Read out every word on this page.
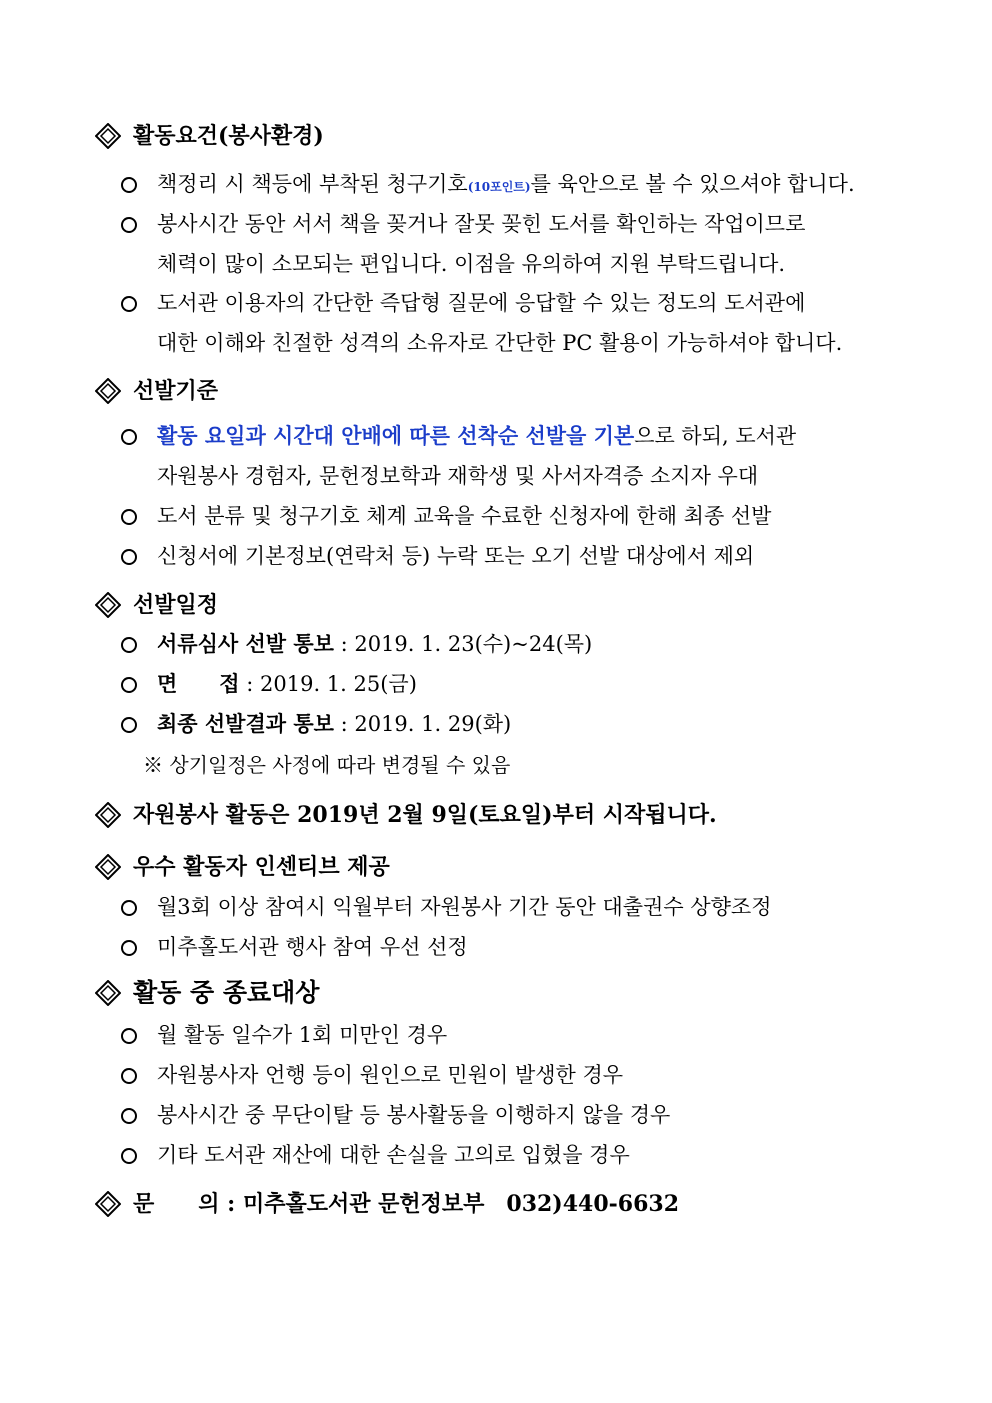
활동요건(봉사환경)
책정리 시 책등에 부착된 청구기호(10포인트)를 육안으로 볼 수 있으셔야 합니다.
봉사시간 동안 서서 책을 꽂거나 잘못 꽂힌 도서를 확인하는 작업이므로
체력이 많이 소모되는 편입니다. 이점을 유의하여 지원 부탁드립니다.
도서관 이용자의 간단한 즉답형 질문에 응답할 수 있는 정도의 도서관에
대한 이해와 친절한 성격의 소유자로 간단한 PC 활용이 가능하셔야 합니다.
선발기준
활동 요일과 시간대 안배에 따른 선착순 선발을 기본으로 하되, 도서관
자원봉사 경험자, 문헌정보학과 재학생 및 사서자격증 소지자 우대
도서 분류 및 청구기호 체계 교육을 수료한 신청자에 한해 최종 선발
신청서에 기본정보(연락처 등) 누락 또는 오기 선발 대상에서 제외
선발일정
서류심사 선발 통보 : 2019. 1. 23(수)~24(목)
면　　접 : 2019. 1. 25(금)
최종 선발결과 통보 : 2019. 1. 29(화)
※ 상기일정은 사정에 따라 변경될 수 있음
자원봉사 활동은 2019년 2월 9일(토요일)부터 시작됩니다.
우수 활동자 인센티브 제공
월3회 이상 참여시 익월부터 자원봉사 기간 동안 대출권수 상향조정
미추홀도서관 행사 참여 우선 선정
활동 중 종료대상
월 활동 일수가 1회 미만인 경우
자원봉사자 언행 등이 원인으로 민원이 발생한 경우
봉사시간 중 무단이탈 등 봉사활동을 이행하지 않을 경우
기타 도서관 재산에 대한 손실을 고의로 입혔을 경우
문　　의 : 미추홀도서관 문헌정보부　032)440-6632
